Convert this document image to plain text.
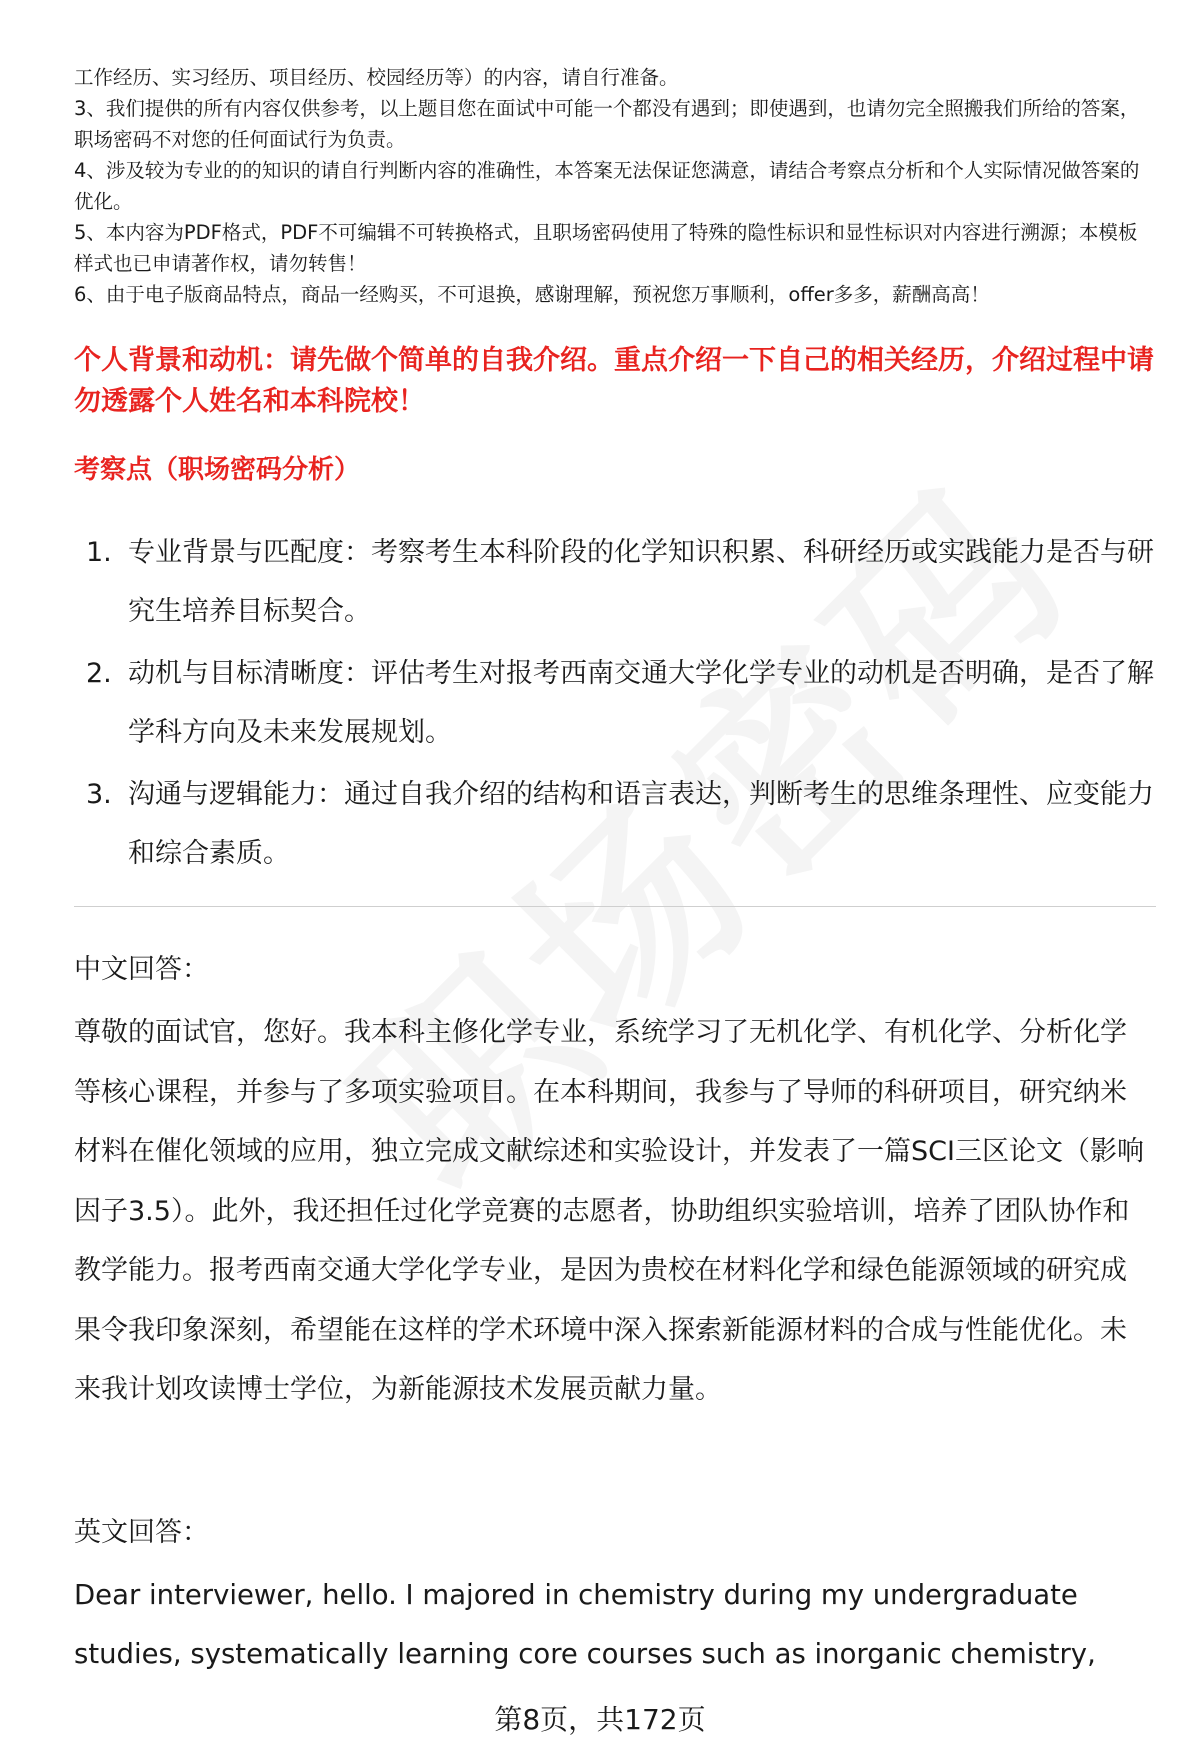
工作经历、实习经历、项目经历、校园经历等）的内容，请自行准备。

3、我们提供的所有内容仅供参考，以上题目您在面试中可能一个都没有遇到；即使遇到，也请勿完全照搬我们所给的答案，职场密码不对您的任何面试行为负责。

4、涉及较为专业的的知识的请自行判断内容的准确性，本答案无法保证您满意，请结合考察点分析和个人实际情况做答案的优化。

5、本内容为PDF格式，PDF不可编辑不可转换格式，且职场密码使用了特殊的隐性标识和显性标识对内容进行溯源；本模板样式也已申请著作权，请勿转售！

6、由于电子版商品特点，商品一经购买，不可退换，感谢理解，预祝您万事顺利，offer多多，薪酬高高！

个人背景和动机：请先做个简单的自我介绍。重点介绍一下自己的相关经历，介绍过程中请勿透露个人姓名和本科院校！
考察点（职场密码分析）
1. 专业背景与匹配度：考察考生本科阶段的化学知识积累、科研经历或实践能力是否与研究生培养目标契合。
2. 动机与目标清晰度：评估考生对报考西南交通大学化学专业的动机是否明确，是否了解学科方向及未来发展规划。
3. 沟通与逻辑能力：通过自我介绍的结构和语言表达，判断考生的思维条理性、应变能力和综合素质。
中文回答：

尊敬的面试官，您好。我本科主修化学专业，系统学习了无机化学、有机化学、分析化学等核心课程，并参与了多项实验项目。在本科期间，我参与了导师的科研项目，研究纳米材料在催化领域的应用，独立完成文献综述和实验设计，并发表了一篇SCI三区论文（影响因子3.5）。此外，我还担任过化学竞赛的志愿者，协助组织实验培训，培养了团队协作和教学能力。报考西南交通大学化学专业，是因为贵校在材料化学和绿色能源领域的研究成果令我印象深刻，希望能在这样的学术环境中深入探索新能源材料的合成与性能优化。未来我计划攻读博士学位，为新能源技术发展贡献力量。

英文回答：

Dear interviewer, hello. I majored in chemistry during my undergraduate studies, systematically learning core courses such as inorganic chemistry,

第8页，共172页
